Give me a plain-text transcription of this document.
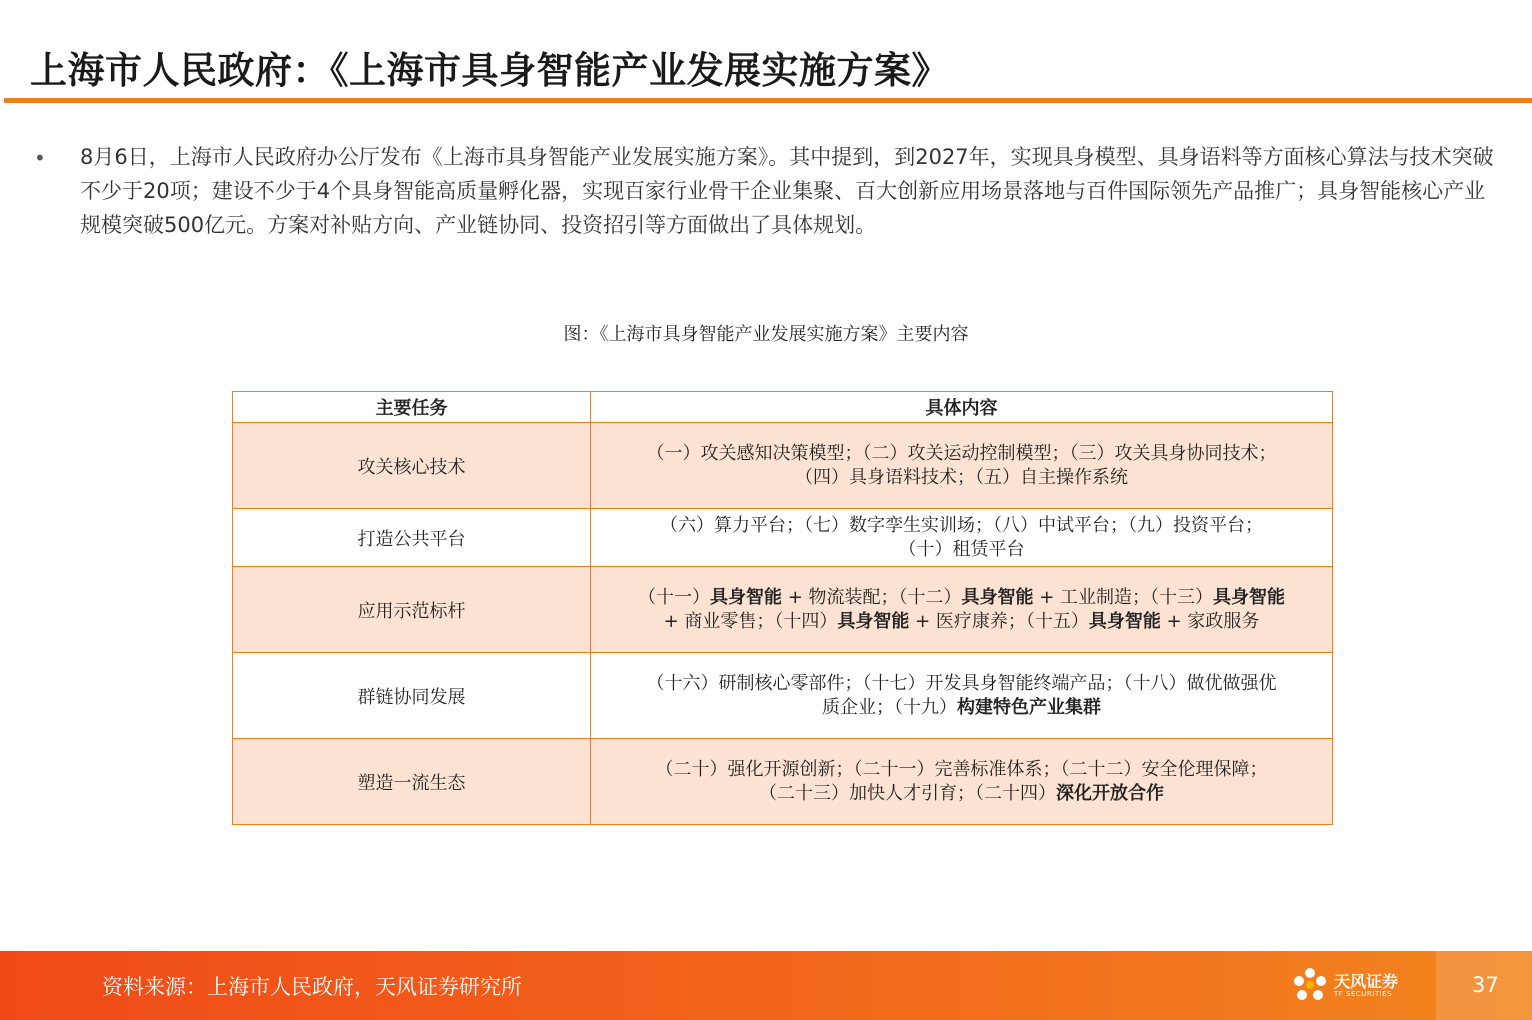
上海市人民政府：《上海市具身智能产业发展实施方案》
• 8月6日，上海市人民政府办公厅发布《上海市具身智能产业发展实施方案》。其中提到，到2027年，实现具身模型、具身语料等方面核心算法与技术突破不少于20项；建设不少于4个具身智能高质量孵化器，实现百家行业骨干企业集聚、百大创新应用场景落地与百件国际领先产品推广；具身智能核心产业规模突破500亿元。方案对补贴方向、产业链协同、投资招引等方面做出了具体规划。

图：《上海市具身智能产业发展实施方案》主要内容
主要任务	具体内容
攻关核心技术	（一）攻关感知决策模型；（二）攻关运动控制模型；（三）攻关具身协同技术；
（四）具身语料技术；（五）自主操作系统
打造公共平台	（六）算力平台；（七）数字孪生实训场；（八）中试平台；（九）投资平台；
（十）租赁平台
应用示范标杆	（十一）具身智能 + 物流装配；（十二）具身智能 + 工业制造；（十三）具身智能
+ 商业零售；（十四）具身智能 + 医疗康养；（十五）具身智能 + 家政服务
群链协同发展	（十六）研制核心零部件；（十七）开发具身智能终端产品；（十八）做优做强优
质企业；（十九）构建特色产业集群
塑造一流生态	（二十）强化开源创新；（二十一）完善标准体系；（二十二）安全伦理保障；
（二十三）加快人才引育；（二十四）深化开放合作
资料来源：上海市人民政府，天风证券研究所	天风证券
TF SECURITIES	37
